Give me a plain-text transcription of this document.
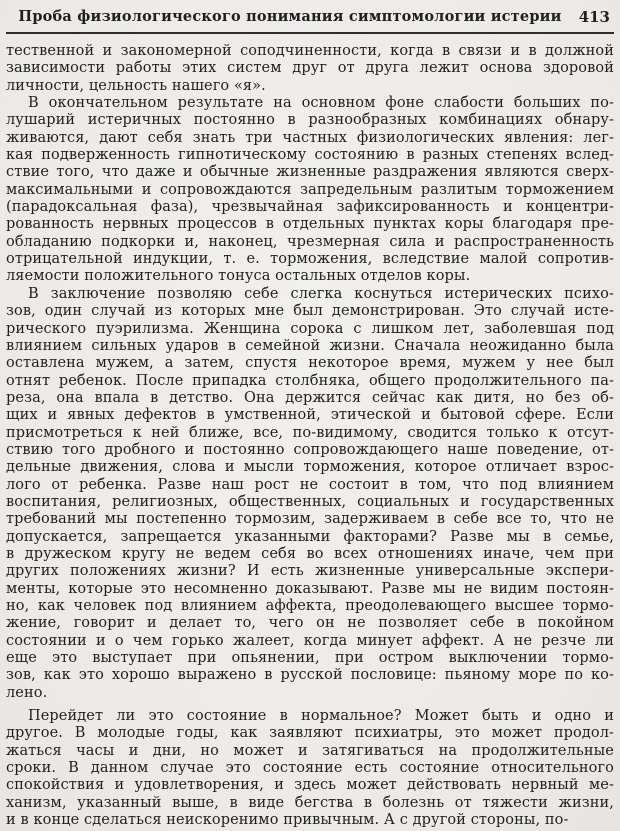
Проба физиологического понимания симптомологии истерии	413

тественной и закономерной соподчиненности, когда в связи и в должной
зависимости работы этих систем друг от друга лежит основа здоровой
личности, цельность нашего «я».

В окончательном результате на основном фоне слабости больших по-
лушарий истеричных постоянно в разнообразных комбинациях обнару-
живаются, дают себя знать три частных физиологических явления: лег-
кая подверженность гипнотическому состоянию в разных степенях вслед-
ствие того, что даже и обычные жизненные раздражения являются сверх-
максимальными и сопровождаются запредельным разлитым торможением
(парадоксальная фаза), чрезвычайная зафиксированность и концентри-
рованность нервных процессов в отдельных пунктах коры благодаря пре-
обладанию подкорки и, наконец, чрезмерная сила и распространенность
отрицательной индукции, т. е. торможения, вследствие малой сопротив-
ляемости положительного тонуса остальных отделов коры.

В заключение позволяю себе слегка коснуться истерических психо-
зов, один случай из которых мне был демонстрирован. Это случай исте-
рического пуэрилизма. Женщина сорока с лишком лет, заболевшая под
влиянием сильных ударов в семейной жизни. Сначала неожиданно была
оставлена мужем, а затем, спустя некоторое время, мужем у нее был
отнят ребенок. После припадка столбняка, общего продолжительного па-
реза, она впала в детство. Она держится сейчас как дитя, но без об-
щих и явных дефектов в умственной, этической и бытовой сфере. Если
присмотреться к ней ближе, все, по-видимому, сводится только к отсут-
ствию того дробного и постоянно сопровождающего наше поведение, от-
дельные движения, слова и мысли торможения, которое отличает взрос-
лого от ребенка. Разве наш рост не состоит в том, что под влиянием
воспитания, религиозных, общественных, социальных и государственных
требований мы постепенно тормозим, задерживаем в себе все то, что не
допускается, запрещается указанными факторами? Разве мы в семье,
в дружеском кругу не ведем себя во всех отношениях иначе, чем при
других положениях жизни? И есть жизненные универсальные экспери-
менты, которые это несомненно доказывают. Разве мы не видим постоян-
но, как человек под влиянием аффекта, преодолевающего высшее тормо-
жение, говорит и делает то, чего он не позволяет себе в покойном
состоянии и о чем горько жалеет, когда минует аффект. А не резче ли
еще это выступает при опьянении, при остром выключении тормо-
зов, как это хорошо выражено в русской пословице: пьяному море по ко-
лено.

Перейдет ли это состояние в нормальное? Может быть и одно и
другое. В молодые годы, как заявляют психиатры, это может продол-
жаться часы и дни, но может и затягиваться на продолжительные
сроки. В данном случае это состояние есть состояние относительного
спокойствия и удовлетворения, и здесь может действовать нервный ме-
ханизм, указанный выше, в виде бегства в болезнь от тяжести жизни,
и в конце сделаться неискоренимо привычным. А с другой стороны, по-
